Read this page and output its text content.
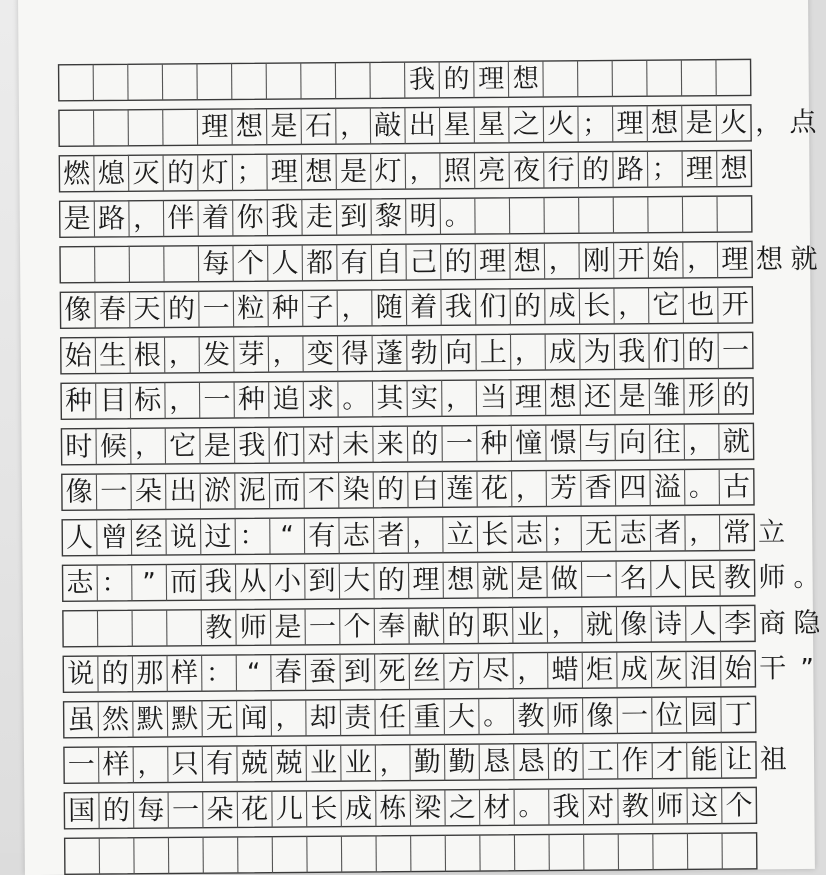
我 的 理 想
理 想 是 石 ， 敲 出 星 星 之 火 ； 理 想 是 火 ， 点
燃 熄 灭 的 灯 ； 理 想 是 灯 ， 照 亮 夜 行 的 路 ； 理 想
是 路 ， 伴 着 你 我 走 到 黎 明 。
每 个 人 都 有 自 己 的 理 想 ， 刚 开 始 ， 理 想 就
像 春 天 的 一 粒 种 子 ， 随 着 我 们 的 成 长 ， 它 也 开
始 生 根 ， 发 芽 ， 变 得 蓬 勃 向 上 ， 成 为 我 们 的 一
种 目 标 ， 一 种 追 求 。 其 实 ， 当 理 想 还 是 雏 形 的
时 候 ， 它 是 我 们 对 未 来 的 一 种 憧 憬 与 向 往 ， 就
像 一 朵 出 淤 泥 而 不 染 的 白 莲 花 ， 芳 香 四 溢 。 古
人 曾 经 说 过 ： “ 有 志 者 ， 立 长 志 ； 无 志 者 ， 常 立
志 ： ” 而 我 从 小 到 大 的 理 想 就 是 做 一 名 人 民 教 师 。
教 师 是 一 个 奉 献 的 职 业 ， 就 像 诗 人 李 商 隐
说 的 那 样 ： “ 春 蚕 到 死 丝 方 尽 ， 蜡 炬 成 灰 泪 始 干 ”
虽 然 默 默 无 闻 ， 却 责 任 重 大 。 教 师 像 一 位 园 丁
一 样 ， 只 有 兢 兢 业 业 ， 勤 勤 恳 恳 的 工 作 才 能 让 祖
国 的 每 一 朵 花 儿 长 成 栋 梁 之 材 。 我 对 教 师 这 个
